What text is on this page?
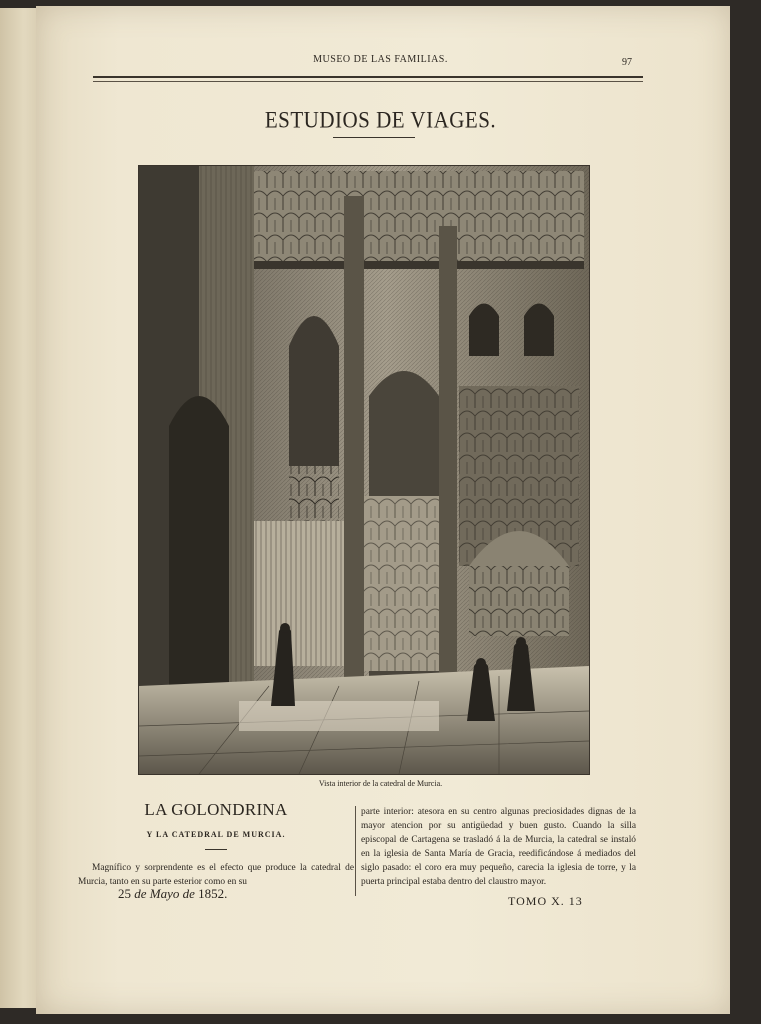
MUSEO DE LAS FAMILIAS.	97
ESTUDIOS DE VIAGES.
Vista interior de la catedral de Murcia.

LA GOLONDRINA

Y LA CATEDRAL DE MURCIA.

Magnífico y sorprendente es el efecto que produce la catedral de Murcia, tanto en su parte esterior como en su

25 de Mayo de 1852.

parte interior: atesora en su centro algunas preciosidades dignas de la mayor atencion por su antigüedad y buen gusto. Cuando la silla episcopal de Cartagena se trasladó á la de Murcia, la catedral se instaló en la iglesia de Santa María de Gracia, reedificándose á mediados del siglo pasado: el coro era muy pequeño, carecia la iglesia de torre, y la puerta principal estaba dentro del claustro mayor.

TOMO X. 13
